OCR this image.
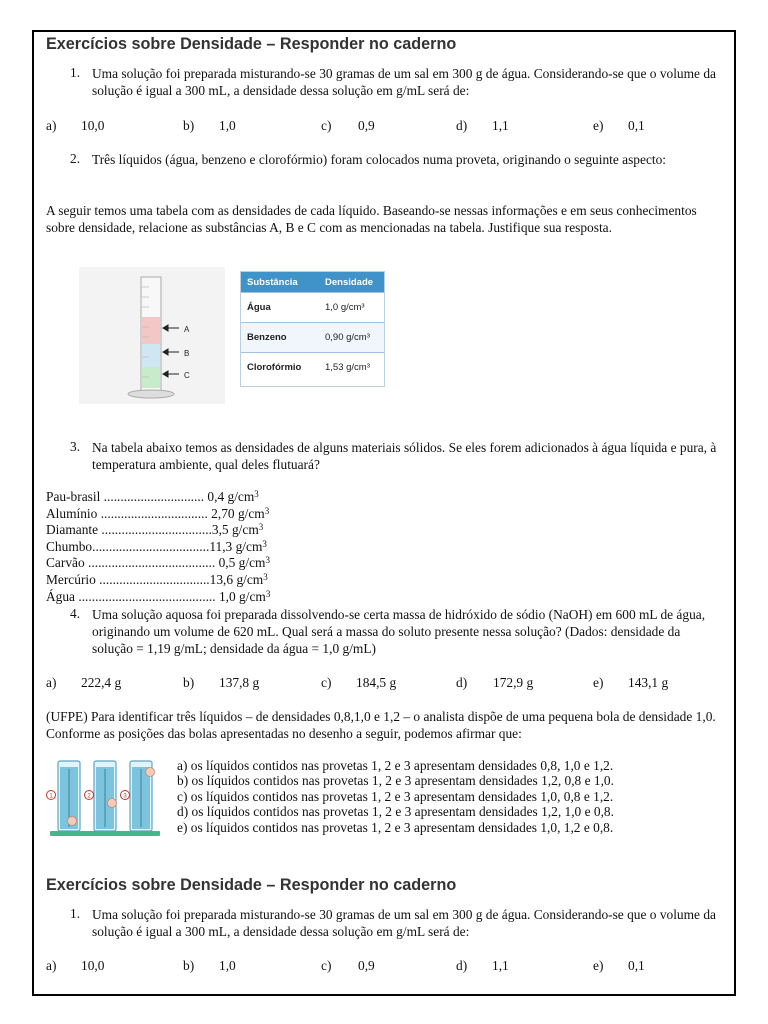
Exercícios sobre Densidade – Responder no caderno
1. Uma solução foi preparada misturando-se 30 gramas de um sal em 300 g de água. Considerando-se que o volume da solução é igual a 300 mL, a densidade dessa solução em g/mL será de:
a) 10,0	b) 1,0	c) 0,9	d) 1,1	e) 0,1
2. Três líquidos (água, benzeno e clorofórmio) foram colocados numa proveta, originando o seguinte aspecto:
A seguir temos uma tabela com as densidades de cada líquido. Baseando-se nessas informações e em seus conhecimentos sobre densidade, relacione as substâncias A, B e C com as mencionadas na tabela. Justifique sua resposta.
A
B
C
Substância	Densidade
Água	1,0 g/cm³
Benzeno	0,90 g/cm³
Clorofórmio	1,53 g/cm³
3. Na tabela abaixo temos as densidades de alguns materiais sólidos. Se eles forem adicionados à água líquida e pura, à temperatura ambiente, qual deles flutuará?
Pau-brasil .............................. 0,4 $g/cm^3$
Alumínio ................................ 2,70 $g/cm^3$
Diamante .................................3,5 $g/cm^3$
Chumbo...................................11,3 $g/cm^3$
Carvão ...................................... 0,5 $g/cm^3$
Mercúrio .................................13,6 $g/cm^3$
Água ......................................... 1,0 $g/cm^3$
4. Uma solução aquosa foi preparada dissolvendo-se certa massa de hidróxido de sódio (NaOH) em 600 mL de água, originando um volume de 620 mL. Qual será a massa do soluto presente nessa solução? (Dados: densidade da solução = 1,19 g/mL; densidade da água = 1,0 g/mL)
a) 222,4 g	b) 137,8 g	c) 184,5 g	d) 172,9 g	e) 143,1 g
(UFPE) Para identificar três líquidos – de densidades 0,8,1,0 e 1,2 – o analista dispõe de uma pequena bola de densidade 1,0. Conforme as posições das bolas apresentadas no desenho a seguir, podemos afirmar que:
1	2	3
a) os líquidos contidos nas provetas 1, 2 e 3 apresentam densidades 0,8, 1,0 e 1,2.
b) os líquidos contidos nas provetas 1, 2 e 3 apresentam densidades 1,2, 0,8 e 1,0.
c) os líquidos contidos nas provetas 1, 2 e 3 apresentam densidades 1,0, 0,8 e 1,2.
d) os líquidos contidos nas provetas 1, 2 e 3 apresentam densidades 1,2, 1,0 e 0,8.
e) os líquidos contidos nas provetas 1, 2 e 3 apresentam densidades 1,0, 1,2 e 0,8.
Exercícios sobre Densidade – Responder no caderno
1. Uma solução foi preparada misturando-se 30 gramas de um sal em 300 g de água. Considerando-se que o volume da solução é igual a 300 mL, a densidade dessa solução em g/mL será de:
a) 10,0	b) 1,0	c) 0,9	d) 1,1	e) 0,1
